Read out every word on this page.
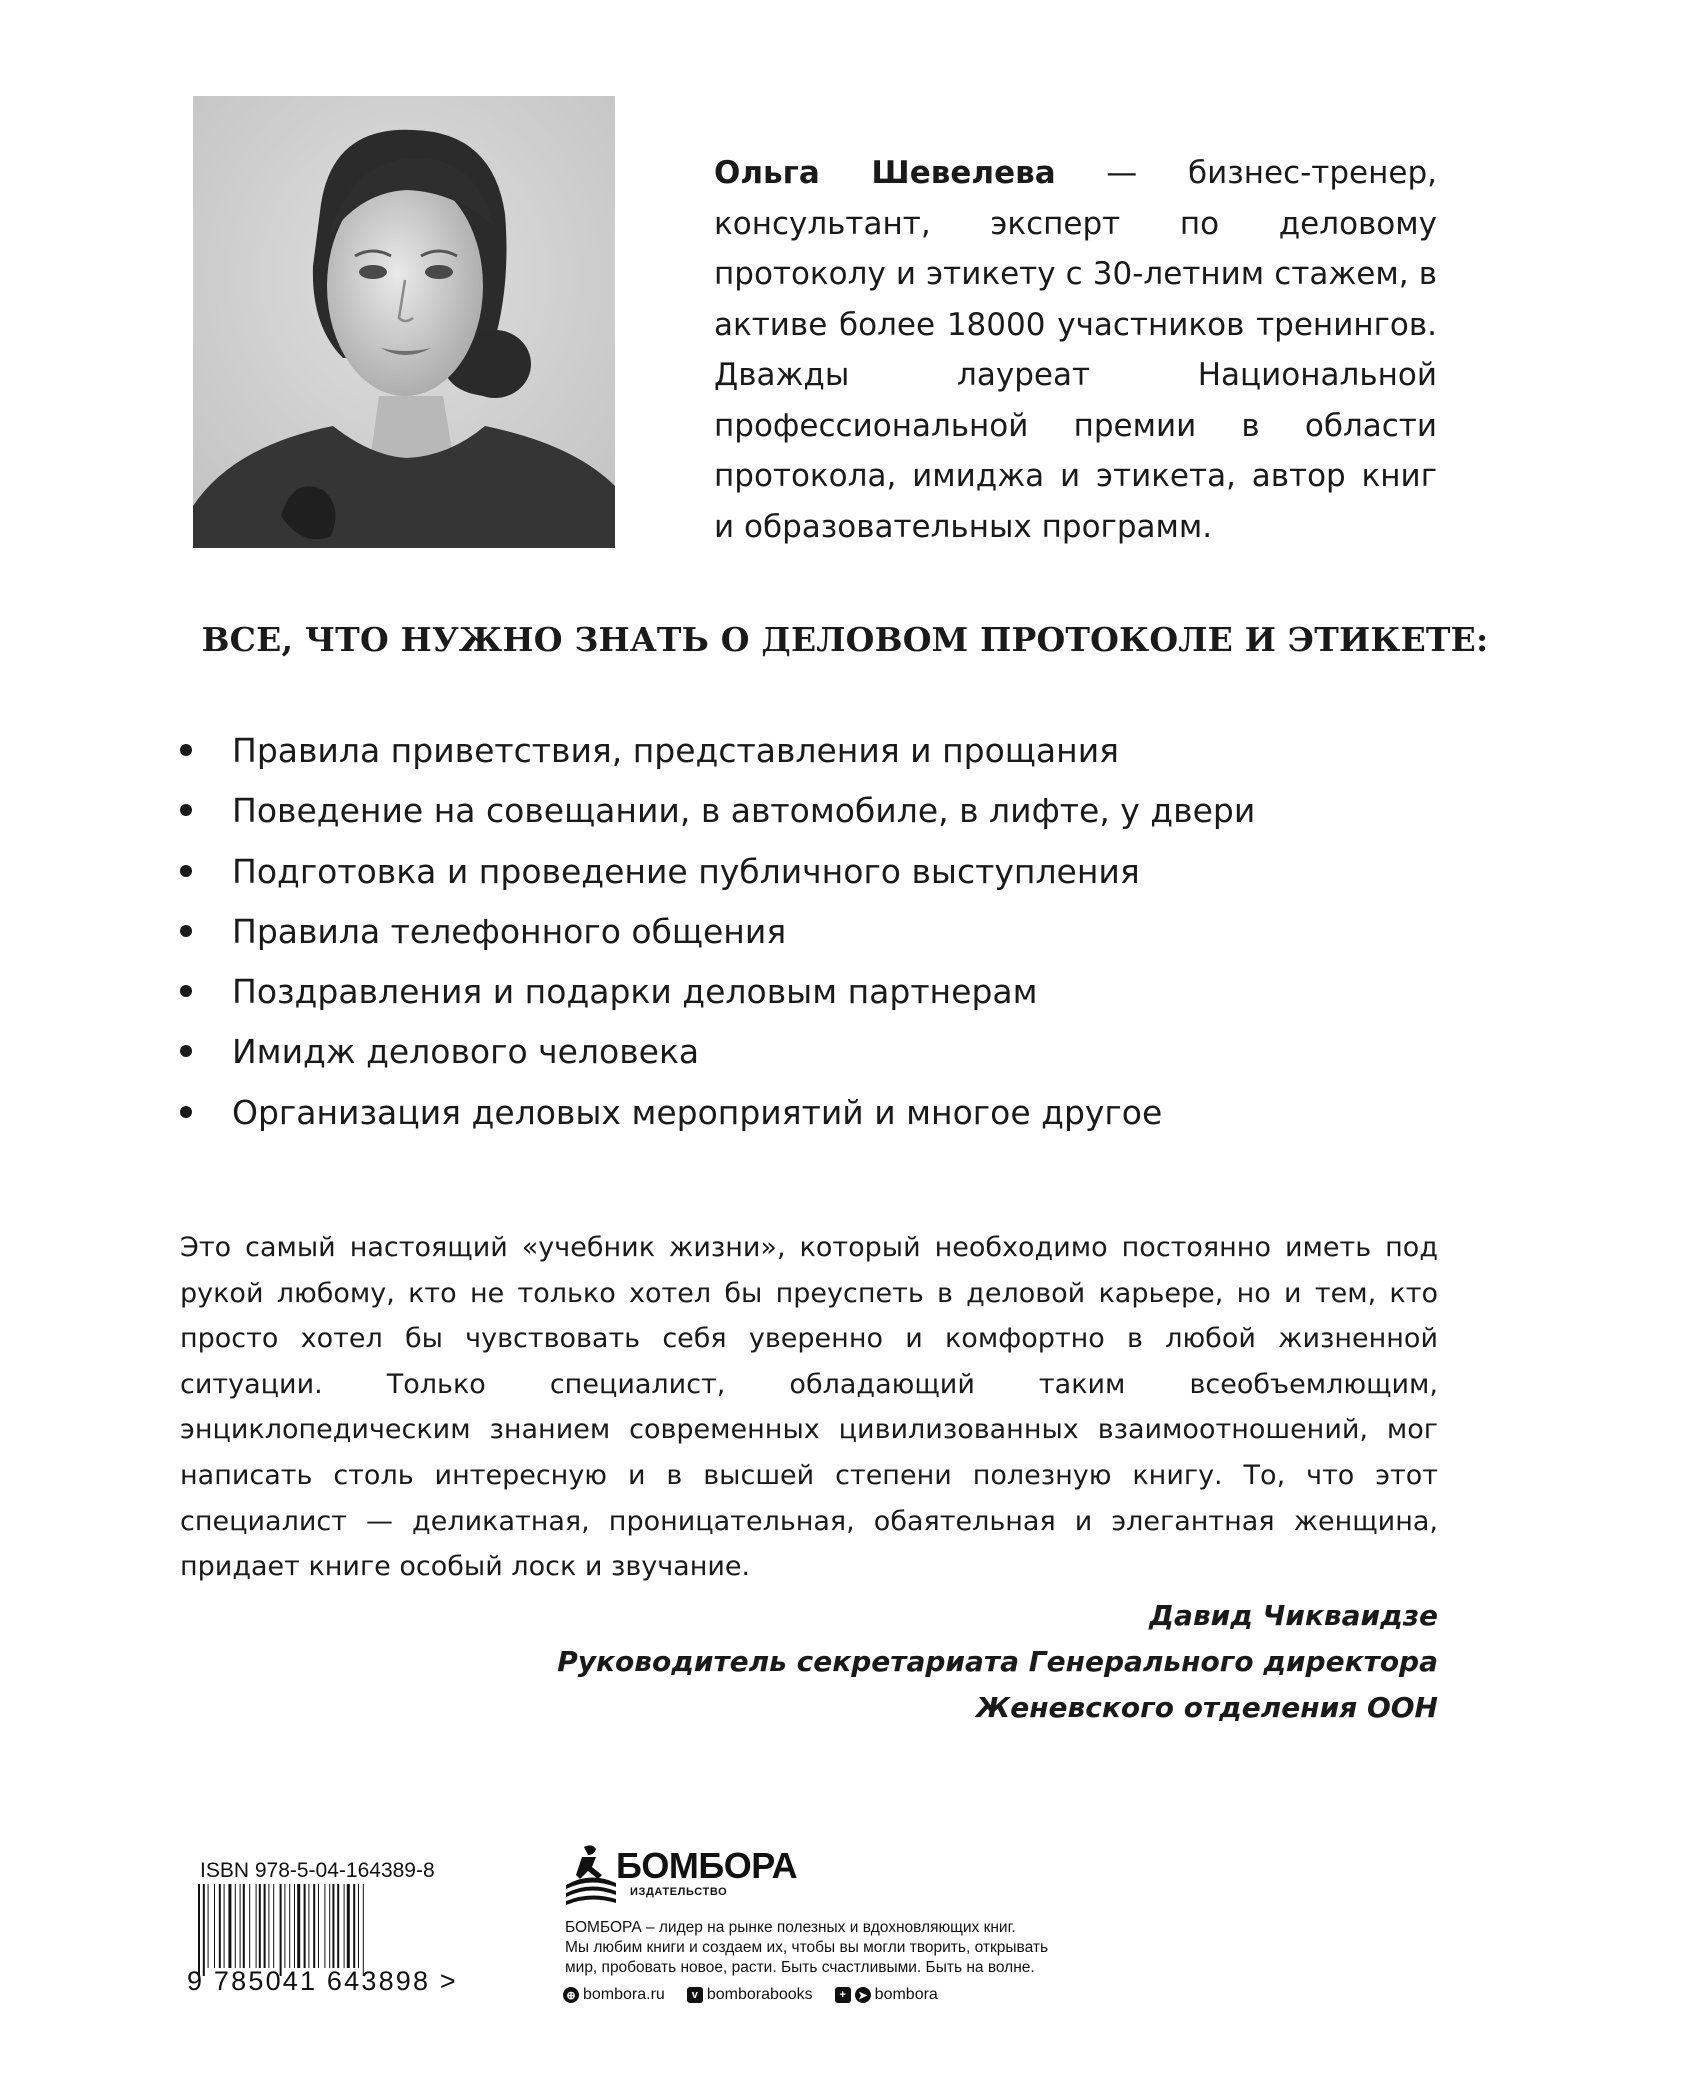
Ольга Шевелева — бизнес-тренер, консультант, эксперт по деловому протоколу и этикету с 30-летним стажем, в активе более 18000 участников тренингов. Дважды лауреат Национальной профессиональной премии в области протокола, имиджа и этикета, автор книг и образовательных программ.

ВСЕ, ЧТО НУЖНО ЗНАТЬ О ДЕЛОВОМ ПРОТОКОЛЕ И ЭТИКЕТЕ:
Правила приветствия, представления и прощания
Поведение на совещании, в автомобиле, в лифте, у двери
Подготовка и проведение публичного выступления
Правила телефонного общения
Поздравления и подарки деловым партнерам
Имидж делового человека
Организация деловых мероприятий и многое другое

Это самый настоящий «учебник жизни», который необходимо постоянно иметь под рукой любому, кто не только хотел бы преуспеть в деловой карьере, но и тем, кто просто хотел бы чувствовать себя уверенно и комфортно в любой жизненной ситуации. Только специалист, обладающий таким всеобъемлющим, энциклопедическим знанием современных цивилизованных взаимоотношений, мог написать столь интересную и в высшей степени полезную книгу. То, что этот специалист — деликатная, проницательная, обаятельная и элегантная женщина, придает книге особый лоск и звучание.

Давид Чикваидзе
Руководитель секретариата Генерального директора
Женевского отделения ООН
ISBN 978-5-04-164389-8
9 785041 643898 >
БОМБОРА
ИЗДАТЕЛЬСТВО
БОМБОРА – лидер на рынке полезных и вдохновляющих книг.
Мы любим книги и создаем их, чтобы вы могли творить, открывать
мир, пробовать новое, расти. Быть счастливыми. Быть на волне.
⊕ bombora.ru	v bomborabooks	+	➤ bombora
